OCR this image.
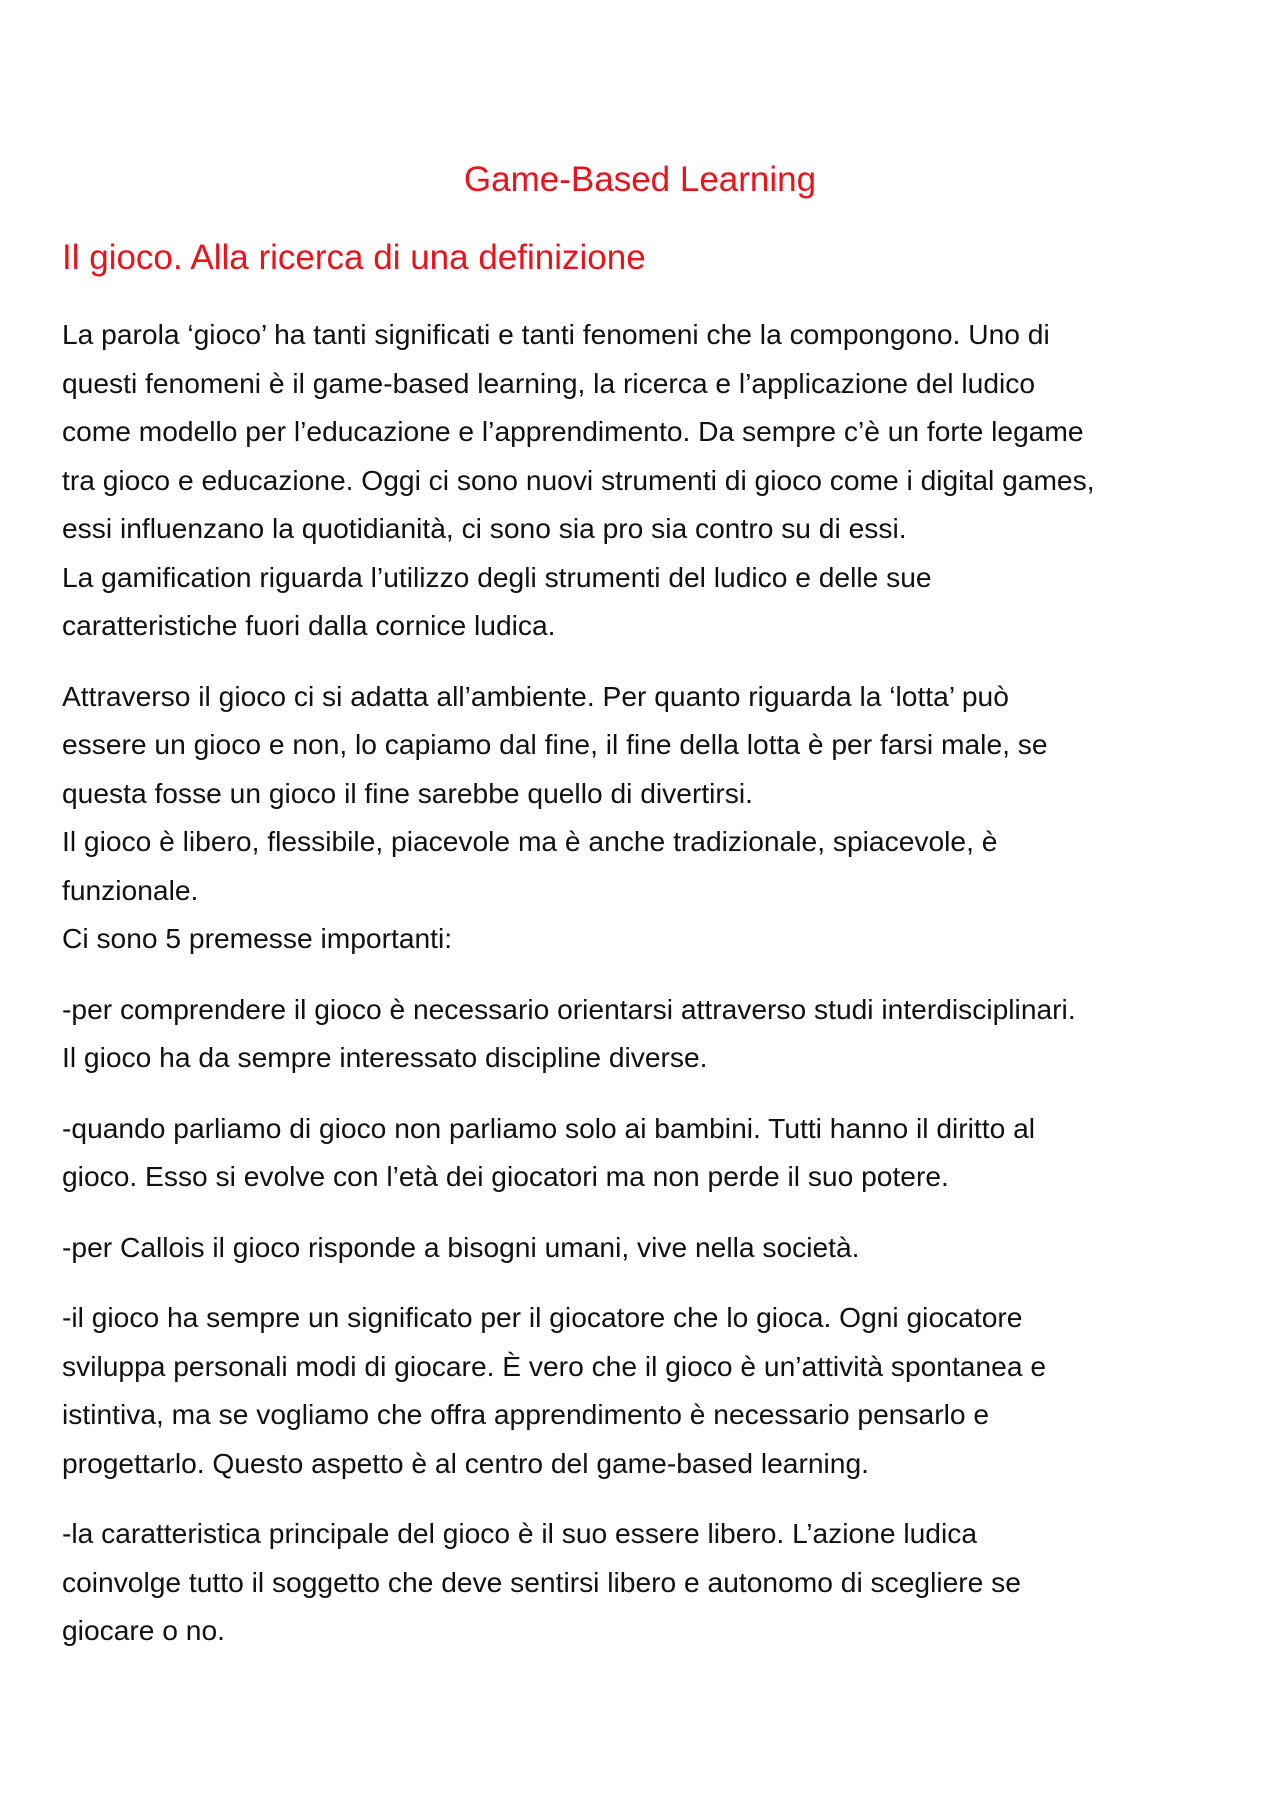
Game-Based Learning
Il gioco. Alla ricerca di una definizione
La parola ‘gioco’ ha tanti significati e tanti fenomeni che la compongono. Uno di
questi fenomeni è il game-based learning, la ricerca e l’applicazione del ludico
come modello per l’educazione e l’apprendimento. Da sempre c’è un forte legame
tra gioco e educazione. Oggi ci sono nuovi strumenti di gioco come i digital games,
essi influenzano la quotidianità, ci sono sia pro sia contro su di essi.
La gamification riguarda l’utilizzo degli strumenti del ludico e delle sue
caratteristiche fuori dalla cornice ludica.
Attraverso il gioco ci si adatta all’ambiente. Per quanto riguarda la ‘lotta’ può
essere un gioco e non, lo capiamo dal fine, il fine della lotta è per farsi male, se
questa fosse un gioco il fine sarebbe quello di divertirsi.
Il gioco è libero, flessibile, piacevole ma è anche tradizionale, spiacevole, è
funzionale.
Ci sono 5 premesse importanti:
-per comprendere il gioco è necessario orientarsi attraverso studi interdisciplinari.
Il gioco ha da sempre interessato discipline diverse.
-quando parliamo di gioco non parliamo solo ai bambini. Tutti hanno il diritto al
gioco. Esso si evolve con l’età dei giocatori ma non perde il suo potere.
-per Callois il gioco risponde a bisogni umani, vive nella società.
-il gioco ha sempre un significato per il giocatore che lo gioca. Ogni giocatore
sviluppa personali modi di giocare. È vero che il gioco è un’attività spontanea e
istintiva, ma se vogliamo che offra apprendimento è necessario pensarlo e
progettarlo. Questo aspetto è al centro del game-based learning.
-la caratteristica principale del gioco è il suo essere libero. L’azione ludica
coinvolge tutto il soggetto che deve sentirsi libero e autonomo di scegliere se
giocare o no.
